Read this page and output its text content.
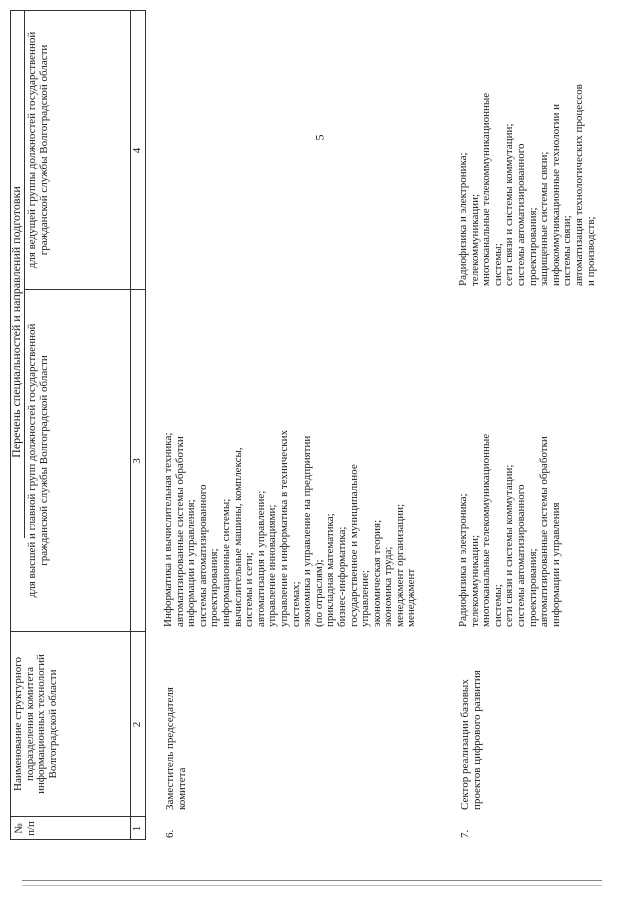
5
№ п/п
Наименование структурного подразделения комитета информационных технологий Волгоградской области
Перечень специальностей и направлений подготовки
для высшей и главной групп должностей государственной гражданской службы Волгоградской области
для ведущей группы должностей государственной гражданской службы Волгоградской области
1
2
3
4
6.
Заместитель председателя комитета
Информатика и вычислительная техника; автоматизированные системы обработки информации и управления; системы автоматизированного проектирования; информационные системы; вычислительные машины, комплексы, системы и сети; автоматизация и управление; управление инновациями; управление и информатика в технических системах; экономика и управление на предприятии (по отраслям); прикладная математика; бизнес-информатика; государственное и муниципальное управление; экономическая теория; экономика труда; менеджмент организации; менеджмент
7.
Сектор реализации базовых проектов цифрового развития
Радиофизика и электроника; телекоммуникации; многоканальные телекоммуникационные системы; сети связи и системы коммутации; системы автоматизированного проектирования; автоматизированные системы обработки информации и управления
Радиофизика и электроника; телекоммуникации; многоканальные телекоммуникационные системы; сети связи и системы коммутации; системы автоматизированного проектирования; защищенные системы связи; инфокоммуникационные технологии и системы связи; автоматизация технологических процессов и производств;
